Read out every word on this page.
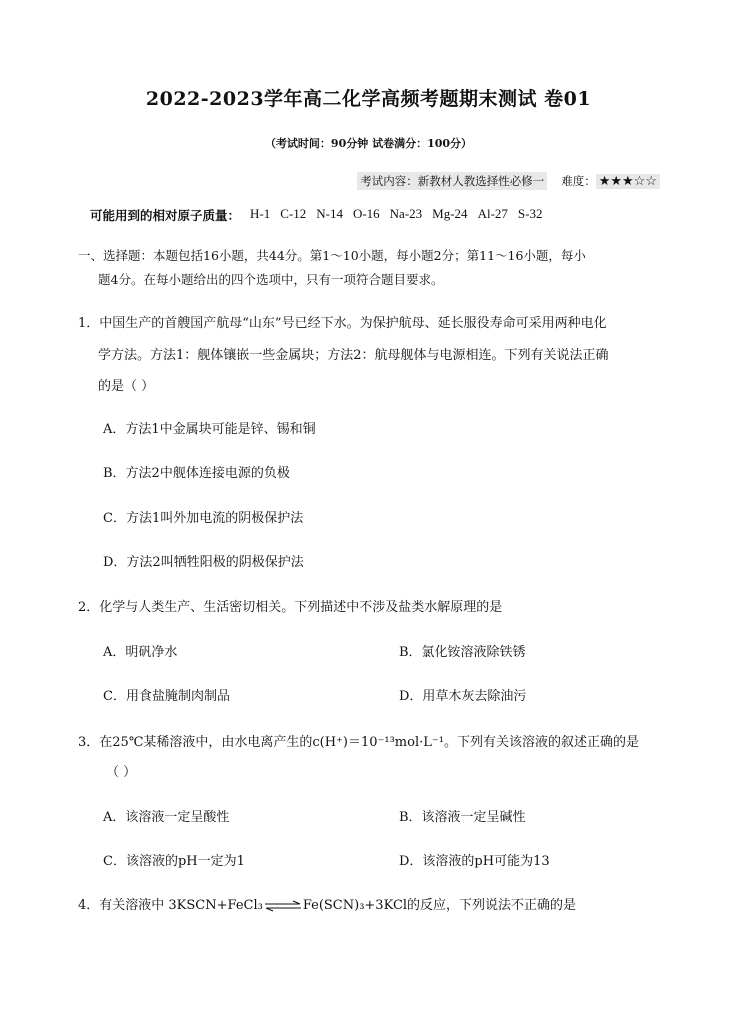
2022-2023学年高二化学高频考题期末测试 卷01
（考试时间：90分钟 试卷满分：100分）
考试内容：新教材人教选择性必修一 难度： ★★★☆☆
可能用到的相对原子质量： H-1 C-12 N-14 O-16 Na-23 Mg-24 Al-27 S-32
一、选择题：本题包括16小题，共44分。第1～10小题，每小题2分；第11～16小题，每小
题4分。在每小题给出的四个选项中，只有一项符合题目要求。
1．中国生产的首艘国产航母“山东”号已经下水。为保护航母、延长服役寿命可采用两种电化
学方法。方法1：舰体镶嵌一些金属块；方法2：航母舰体与电源相连。下列有关说法正确
的是（ ）
A．方法1中金属块可能是锌、锡和铜
B．方法2中舰体连接电源的负极
C．方法1叫外加电流的阴极保护法
D．方法2叫牺牲阳极的阴极保护法
2．化学与人类生产、生活密切相关。下列描述中不涉及盐类水解原理的是
A．明矾净水	B．氯化铵溶液除铁锈
C．用食盐腌制肉制品	D．用草木灰去除油污
3．在25℃某稀溶液中，由水电离产生的c(H⁺)＝10⁻¹³mol·L⁻¹。下列有关该溶液的叙述正确的是
（ ）
A．该溶液一定呈酸性	B．该溶液一定呈碱性
C．该溶液的pH一定为1	D．该溶液的pH可能为13
4．有关溶液中 3KSCN+FeCl₃⇌Fe(SCN)₃+3KCl的反应，下列说法不正确的是
